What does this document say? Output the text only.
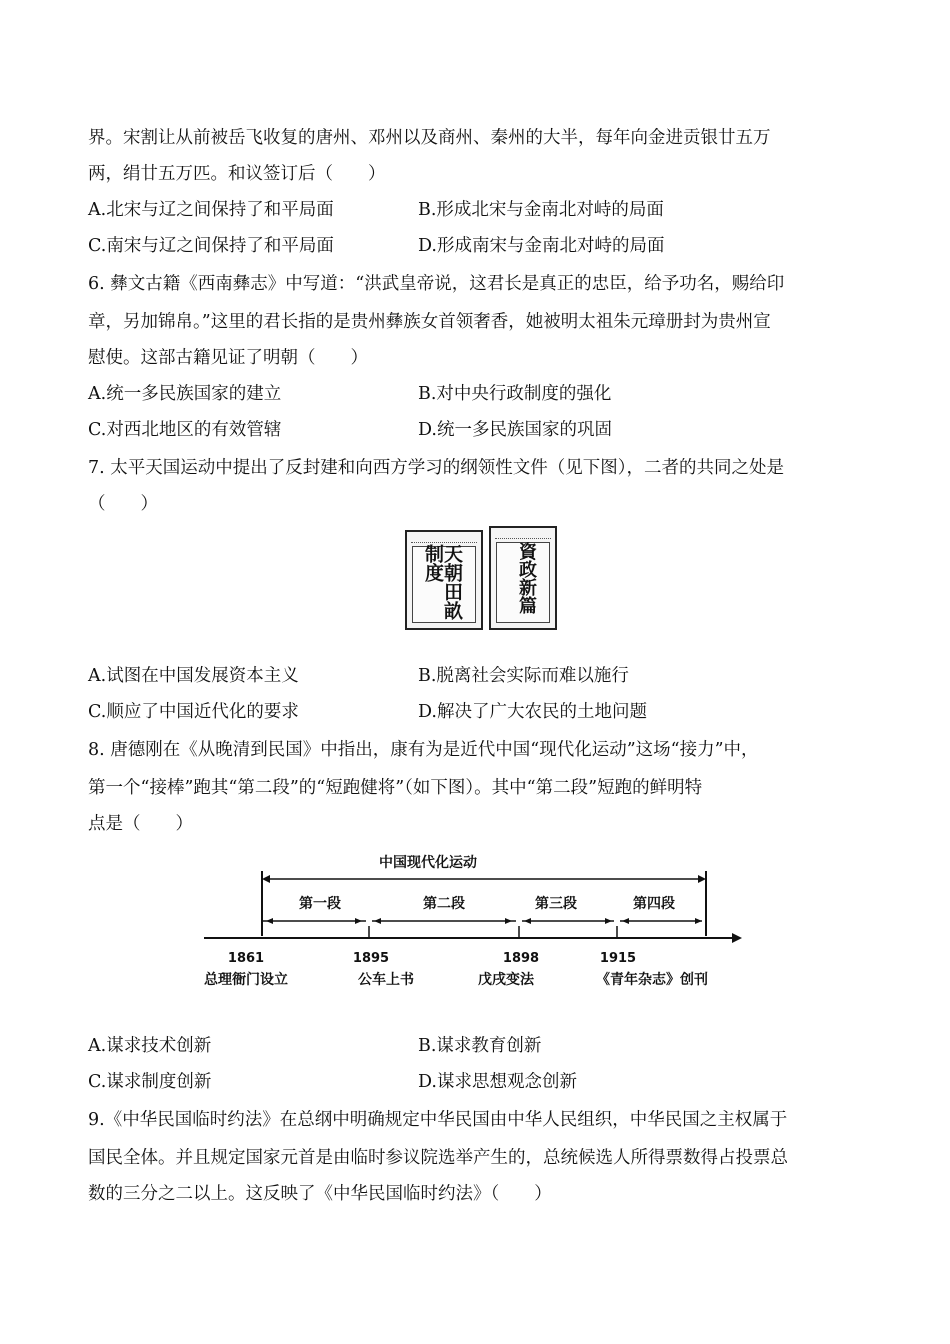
界。宋割让从前被岳飞收复的唐州、邓州以及商州、秦州的大半，每年向金进贡银廿五万
两，绢廿五万匹。和议签订后（　　）
A.北宋与辽之间保持了和平局面	B.形成北宋与金南北对峙的局面
C.南宋与辽之间保持了和平局面	D.形成南宋与金南北对峙的局面
6. 彝文古籍《西南彝志》中写道：“洪武皇帝说，这君长是真正的忠臣，给予功名，赐给印
章，另加锦帛。”这里的君长指的是贵州彝族女首领奢香，她被明太祖朱元璋册封为贵州宣
慰使。这部古籍见证了明朝（　　）
A.统一多民族国家的建立	B.对中央行政制度的强化
C.对西北地区的有效管辖	D.统一多民族国家的巩固
7. 太平天国运动中提出了反封建和向西方学习的纲领性文件（见下图），二者的共同之处是
（　　）
天朝田畝制度	資政新篇
A.试图在中国发展资本主义	B.脱离社会实际而难以施行
C.顺应了中国近代化的要求	D.解决了广大农民的土地问题
8. 唐德刚在《从晚清到民国》中指出，康有为是近代中国“现代化运动”这场“接力”中，
第一个“接棒”跑其“第二段”的“短跑健将”（如下图）。其中“第二段”短跑的鲜明特
点是（　　）
中国现代化运动
第一段	第二段	第三段	第四段
1861	1895	1898	1915
总理衙门设立	公车上书	戊戌变法	《青年杂志》创刊
A.谋求技术创新	B.谋求教育创新
C.谋求制度创新	D.谋求思想观念创新
9.《中华民国临时约法》在总纲中明确规定中华民国由中华人民组织，中华民国之主权属于
国民全体。并且规定国家元首是由临时参议院选举产生的，总统候选人所得票数得占投票总
数的三分之二以上。这反映了《中华民国临时约法》（　　）
